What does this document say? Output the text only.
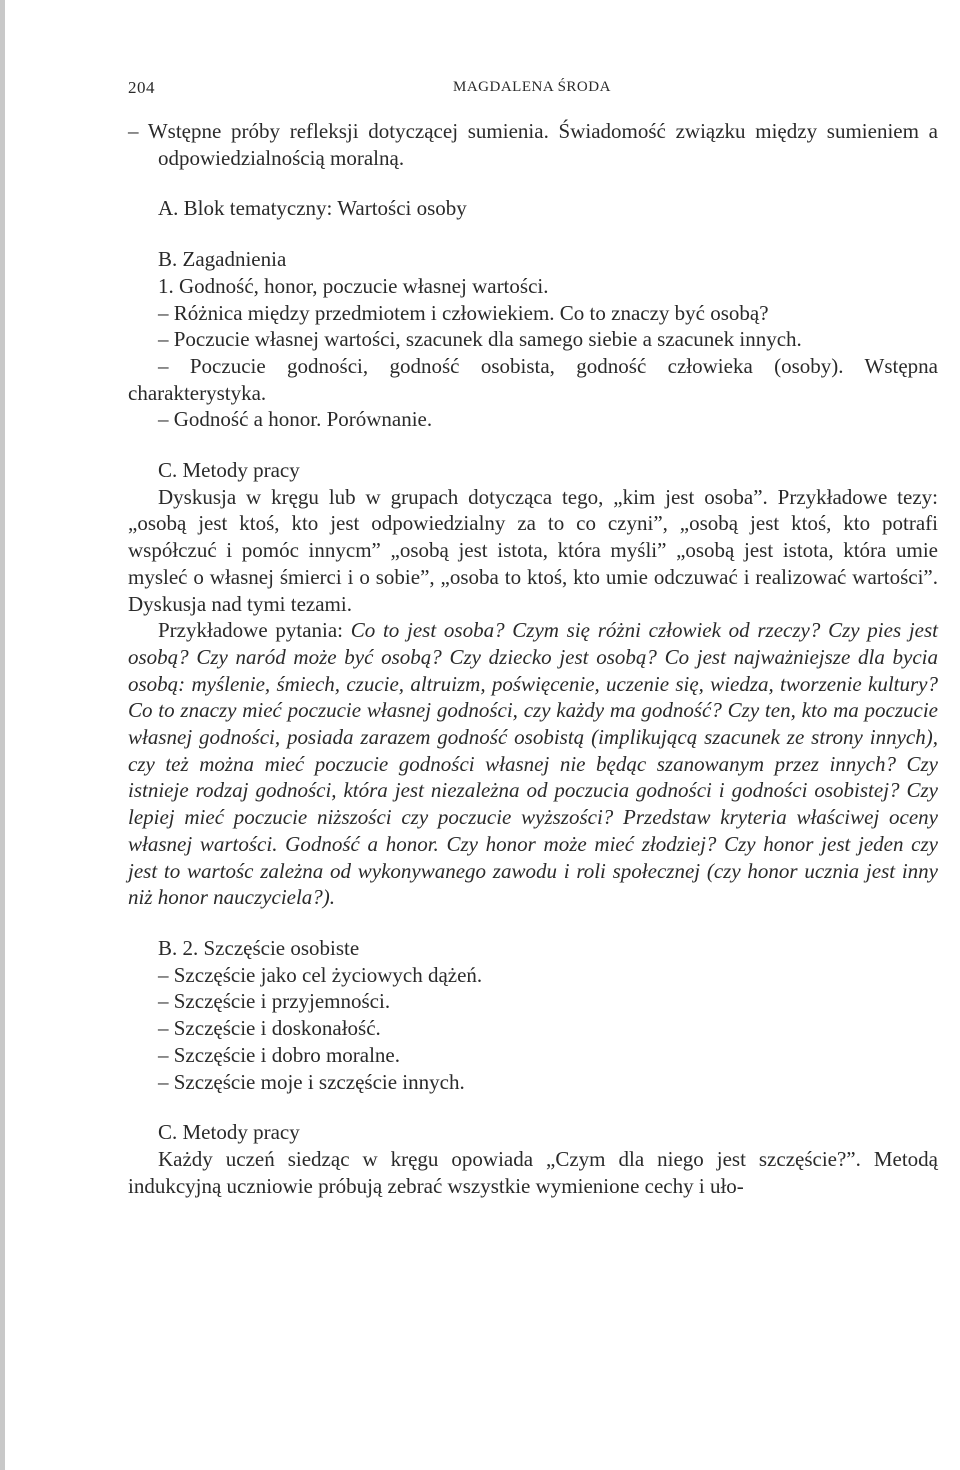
204	MAGDALENA ŚRODA

– Wstępne próby refleksji dotyczącej sumienia. Świadomość związku między sumieniem a odpowiedzialnością moralną.

A. Blok tematyczny: Wartości osoby

B. Zagadnienia

1. Godność, honor, poczucie własnej wartości.

– Różnica między przedmiotem i człowiekiem. Co to znaczy być osobą?

– Poczucie własnej wartości, szacunek dla samego siebie a szacunek innych.

– Poczucie godności, godność osobista, godność człowieka (osoby). Wstępna charakterystyka.

– Godność a honor. Porównanie.

C. Metody pracy

Dyskusja w kręgu lub w grupach dotycząca tego, „kim jest osoba”. Przykładowe tezy: „osobą jest ktoś, kto jest odpowiedzialny za to co czyni”, „osobą jest ktoś, kto potrafi współczuć i pomóc innycm” „osobą jest istota, która myśli” „osobą jest istota, która umie mysleć o własnej śmierci i o sobie”, „osoba to ktoś, kto umie odczuwać i realizować wartości”. Dyskusja nad tymi tezami.

Przykładowe pytania: Co to jest osoba? Czym się różni człowiek od rzeczy? Czy pies jest osobą? Czy naród może być osobą? Czy dziecko jest osobą? Co jest najważniejsze dla bycia osobą: myślenie, śmiech, czucie, altruizm, poświęcenie, uczenie się, wiedza, tworzenie kultury? Co to znaczy mieć poczucie własnej godności, czy każdy ma godność? Czy ten, kto ma poczucie własnej godności, posiada zarazem godność osobistą (implikującą szacunek ze strony innych), czy też można mieć poczucie godności własnej nie będąc szanowanym przez innych? Czy istnieje rodzaj godności, która jest niezależna od poczucia godności i godności osobistej? Czy lepiej mieć poczucie niższości czy poczucie wyższości? Przedstaw kryteria właściwej oceny własnej wartości. Godność a honor. Czy honor może mieć złodziej? Czy honor jest jeden czy jest to wartośc zależna od wykonywanego zawodu i roli społecznej (czy honor ucznia jest inny niż honor nauczyciela?).

B. 2. Szczęście osobiste

– Szczęście jako cel życiowych dążeń.

– Szczęście i przyjemności.

– Szczęście i doskonałość.

– Szczęście i dobro moralne.

– Szczęście moje i szczęście innych.

C. Metody pracy

Każdy uczeń siedząc w kręgu opowiada „Czym dla niego jest szczęście?”. Metodą indukcyjną uczniowie próbują zebrać wszystkie wymienione cechy i uło-
